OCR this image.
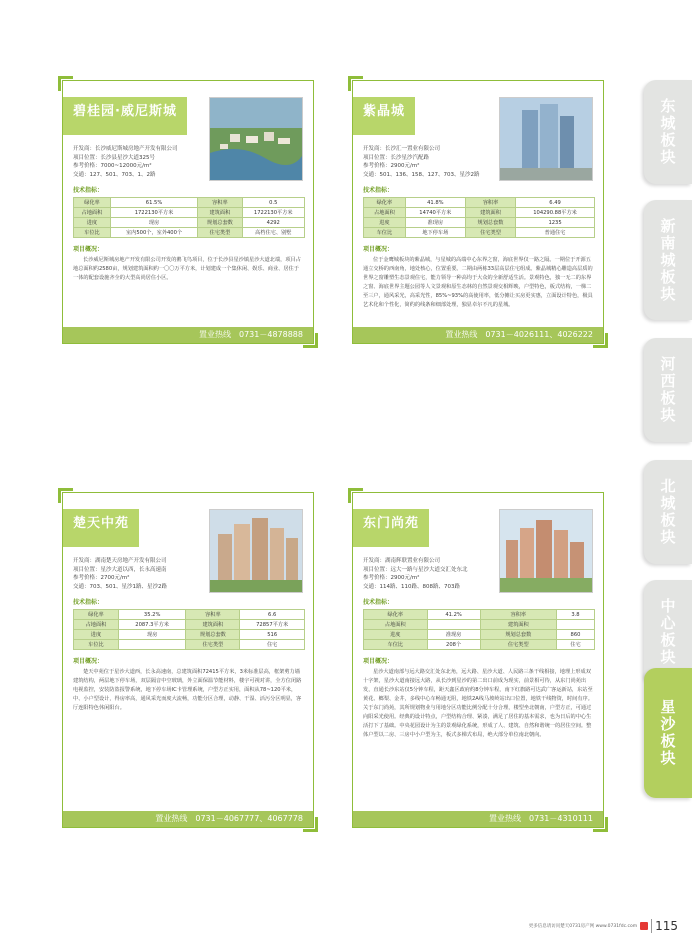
碧桂园·威尼斯城
开发商：长沙威尼斯城房地产开发有限公司
项目位置：长沙县星沙大道325号
参考价格：7000~12000元/m²
交通：127、501、703、1、2路
技术指标：
绿化率	61.5%	容积率	0.5
占地面积	1722130平方米	建筑面积	1722130平方米
进度	现房	规划总套数	4292
车位比	室内500个，室外400个	住宅类型	高档住宅、别墅
项目概况：
长沙威尼斯城房地产开发有限公司开发的鹅飞鸟项目，位于长沙县星沙镇星沙大道北端，项目占地总面积约2580亩，规划建筑面积约一〇〇万平方米，计划建成一个集休闲、娱乐、商业、居住于一体的配套设施齐全的大型高尚居住小区。
置业热线 0731－4878888
紫晶城
开发商：长沙汇一置业有限公司
项目位置：长沙星沙汽配路
参考价格：2900元/m²
交通：501、136、158、127、703、星沙2路
技术指标：
绿化率	41.8%	容积率	6.49
占地面积	14740平方米	建筑面积	104290.88平方米
进度	准现房	规划总套数	1235
车位比	地下停车场	住宅类型	普通住宅
项目概况：
位于金鹰城板块的紫晶城，与星城的高端中心东界之窗，海底世界仅一路之隔。一期位于开源五通立交桥的西南角，地处核心，位置重要。二期由两栋33层高层住宅组成。紫晶城精心雕造高层质的世界之窗雕塑生态景观住宅，能力领导一种高均于大众的全新舒适生活。景观特色，独一无二的东界之窗、海底世界主题公园等人文景观和原生态林的自然景观交相辉映，户型特色，板式结构，一梯二至三户，通风采光，高采光性，85%~93%的高使用率，低分摊让买房更实惠，立面设计特色，极具艺术化和个性化，简约的线条和细部处理，独显卓尔不凡的星城。
置业热线 0731－4026111、4026222
楚天中苑
开发商：湖南楚天房地产开发有限公司
项目位置：星沙大道以西，长永高速南
参考价格：2700元/m²
交通：703、501、星沙1路、星沙2路
技术指标：
绿化率	35.2%	容积率	6.6
占地面积	2087.3平方米	建筑面积	72857平方米
进度	现房	规划总套数	516
车位比		住宅类型	住宅
项目概况：
楚天中苑位于星沙大道西，长永高速南，总建筑面积72415平方米，3米标准层高，框架剪力墙建筑结构，两层地下停车场，双层隔音中空玻璃，外立面保温节能材料，楼宇可视对讲，全方位闭路电视监控，安装防盗报警系统，地下停车场IC卡管理系统，户型方正实用，面积从78~120平米，中、小户型设计，得房率高，通风采光而度大流畅，功能分区合理，动静、干湿、活污分区明显，客厅连阳特色休闲阳台。
置业热线 0731－4067777、4067778
东门尚苑
开发商：湖南辉联置业有限公司
项目位置：远大一路与星沙大道交汇处东北
参考价格：2900元/m²
交通：114路、110路、808路、703路
技术指标：
绿化率	41.2%	容积率	3.8
占地面积		建筑面积	
进度	准现房	规划总套数	860
车位比	208个	住宅类型	住宅
项目概况：
星沙大道南部与远大路交汇处东北角，远大路、星沙大道、人民路三条干线相接，地理上形成双十字架，星沙大道南接远大路，从长沙到星沙的第二出口前成为现实，前景相可待，从东门尚苑出发，直通长沙东站仅5分钟车程，距天鑫区政府约8分钟车程，南下红旗路可达武广客运新站，东站至黄花、榔梨、金井，多线中心车畅通无阻，地铁2A线马坡岭站出口位置，地铁干线物资，时间有序。关于东门尚苑，其所规划物业与用地分区功能比例分配十分合理，楼型坐北朝南，户型方正，可通过向阳采光使用。经典的设计特点，户型结构合理、紧凑，满足了居住的基本需求，也为日后的中心生活打下了基础。中央花园设计为主的景观绿化系统，形成了人、建筑、自然和谐统一的居住空间。整体户型以二房、三房中小户型为主，板式多梯式布局，绝大部分单位南北朝向。
置业热线 0731－4310111
东城板块
新南城板块
河西板块
北城板块
中心板块
星沙板块
更多信息请访问楚天0731房产网 www.0731fdc.com	115
